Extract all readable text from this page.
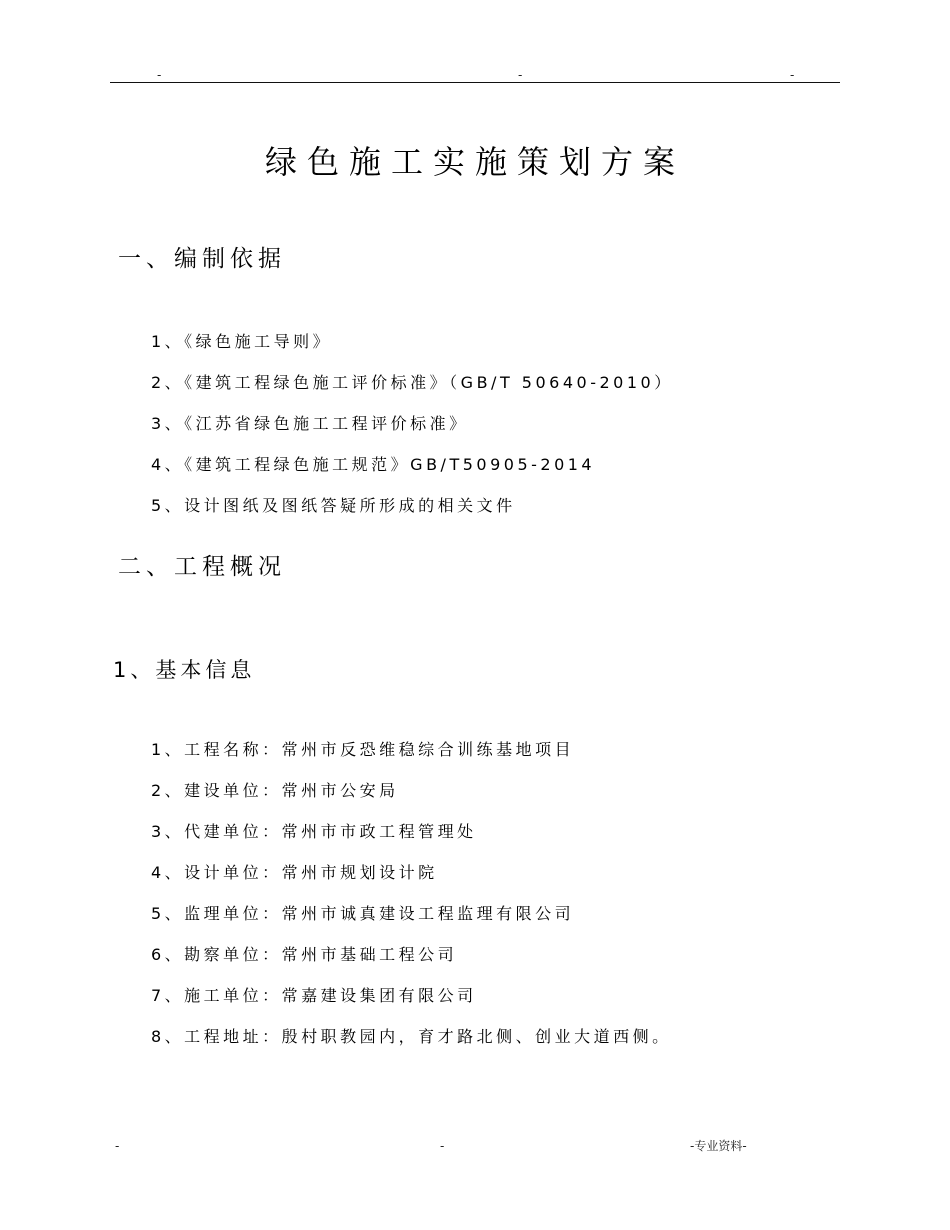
-	-	-
绿色施工实施策划方案
一、编制依据
1、《绿色施工导则》
2、《建筑工程绿色施工评价标准》（GB/T 50640-2010）
3、《江苏省绿色施工工程评价标准》
4、《建筑工程绿色施工规范》GB/T50905-2014
5、设计图纸及图纸答疑所形成的相关文件
二、工程概况
1、基本信息
1、工程名称：常州市反恐维稳综合训练基地项目
2、建设单位：常州市公安局
3、代建单位：常州市市政工程管理处
4、设计单位：常州市规划设计院
5、监理单位：常州市诚真建设工程监理有限公司
6、勘察单位：常州市基础工程公司
7、施工单位：常嘉建设集团有限公司
8、工程地址：殷村职教园内，育才路北侧、创业大道西侧。
-	-	-专业资料-
